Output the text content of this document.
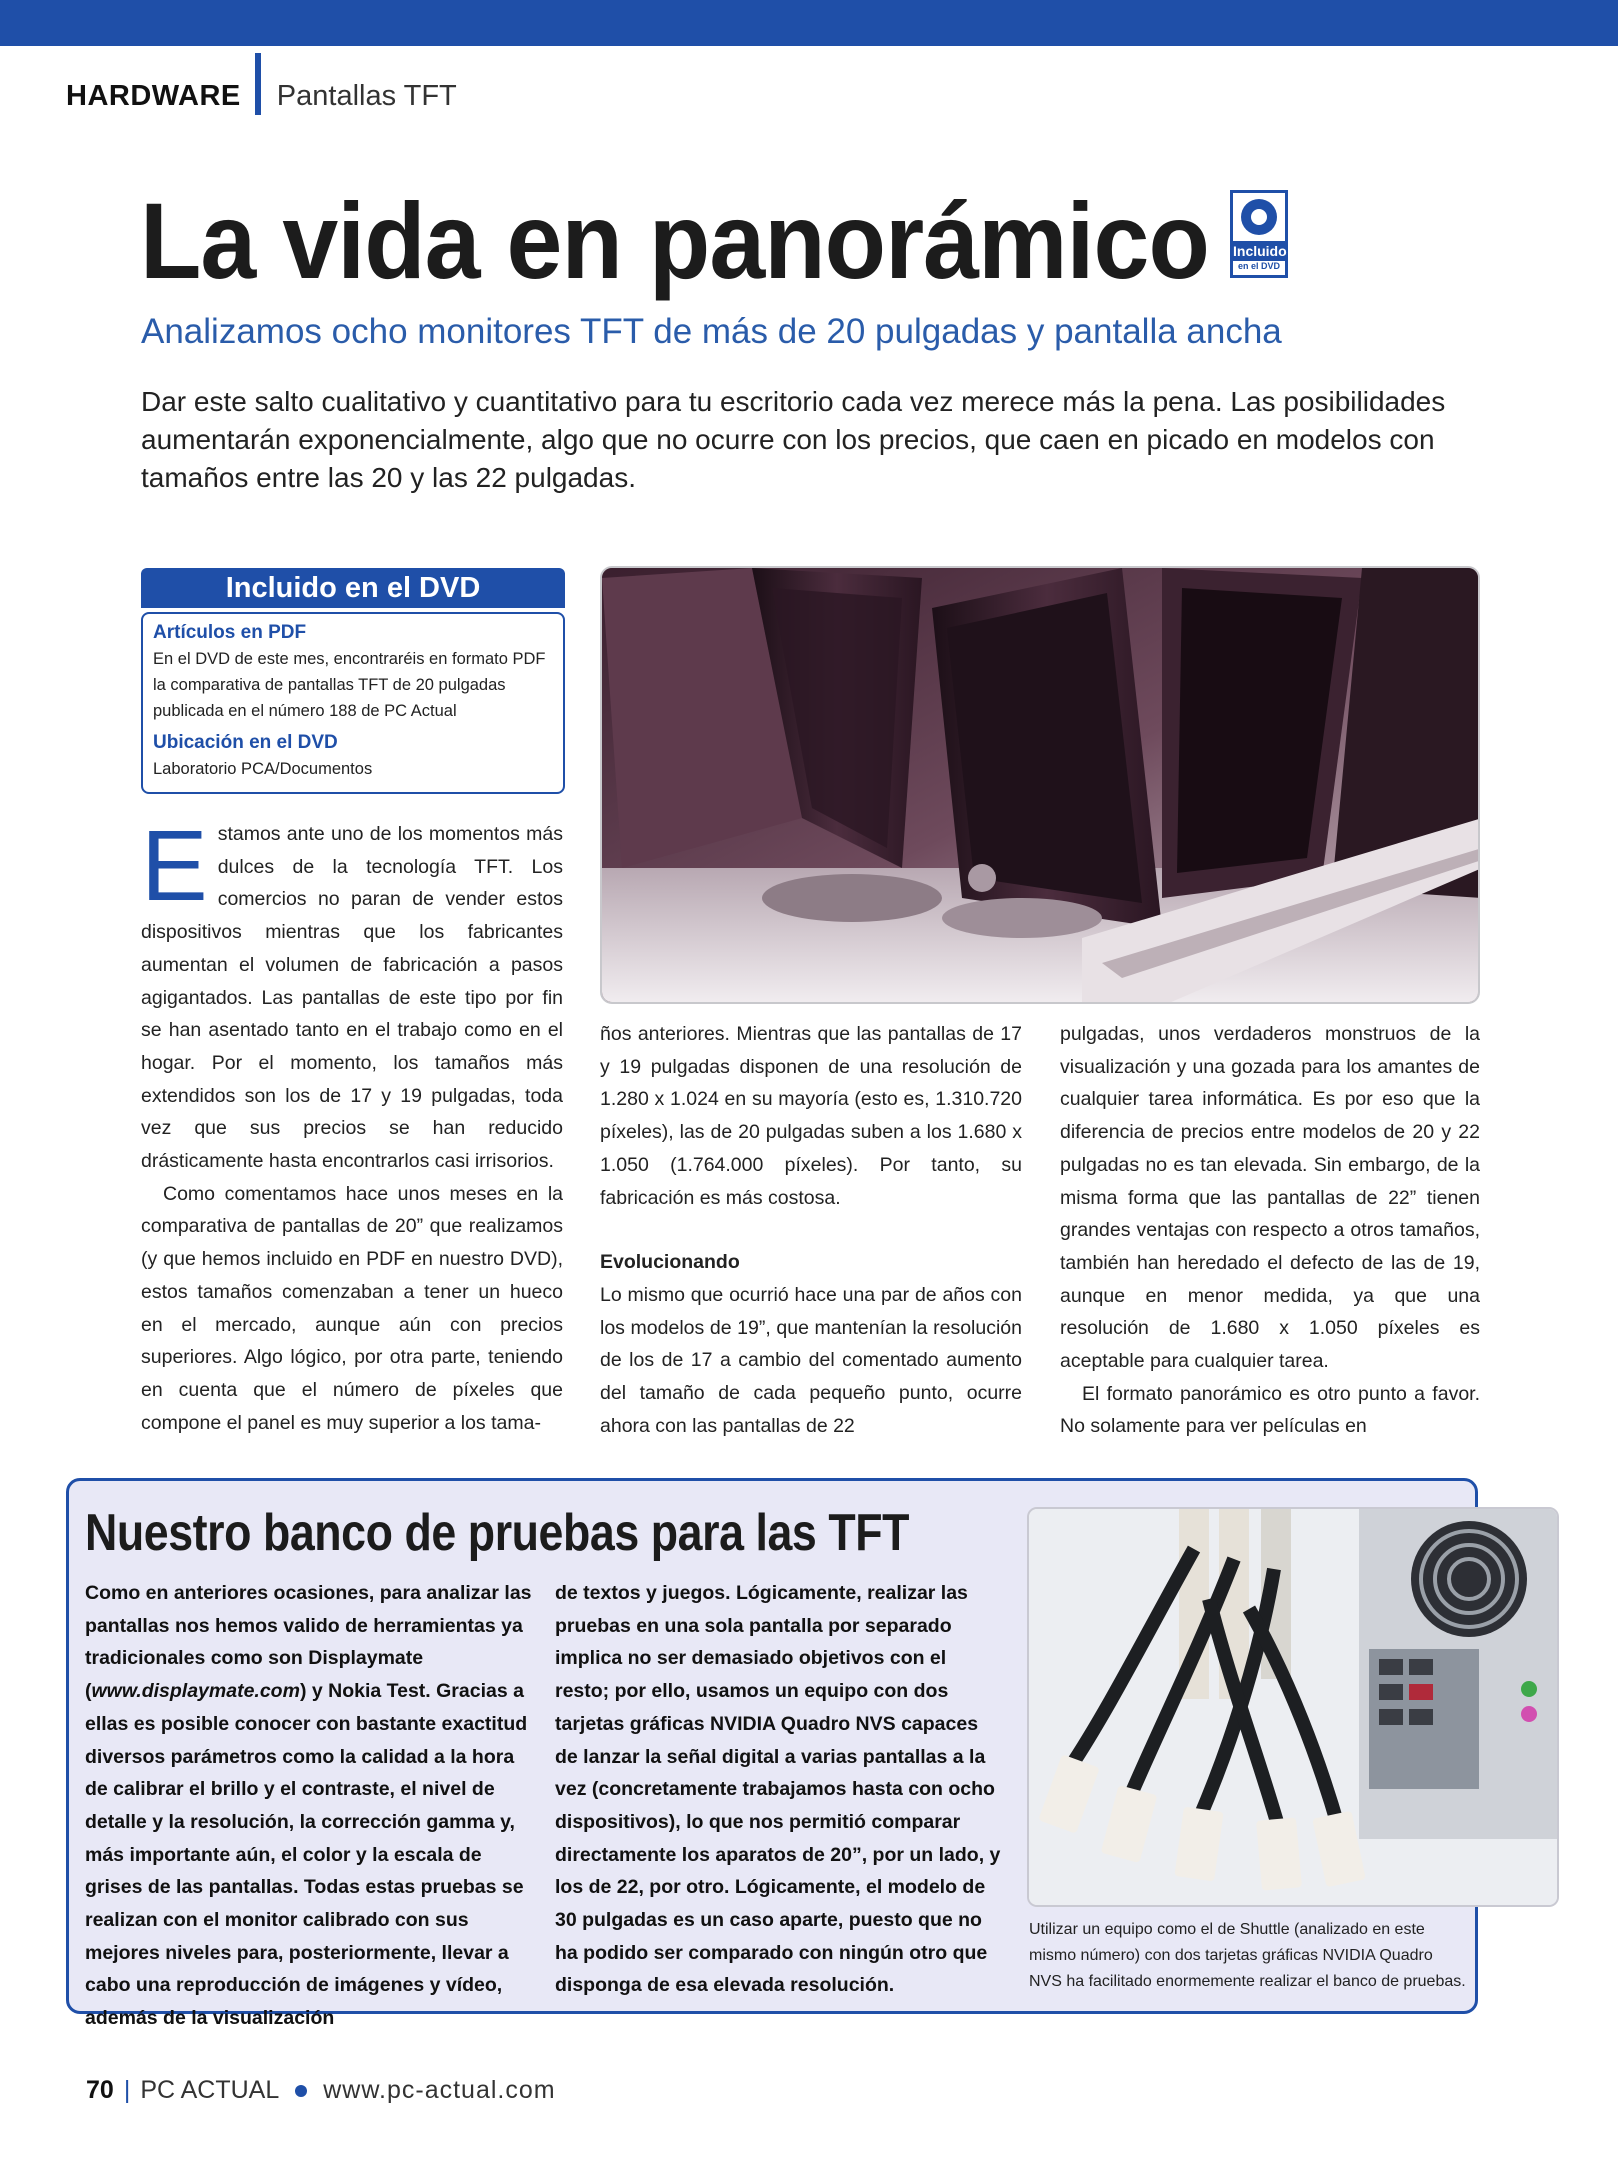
HARDWARE Pantallas TFT
La vida en panorámico Incluido
en el DVD
Analizamos ocho monitores TFT de más de 20 pulgadas y pantalla ancha
Dar este salto cualitativo y cuantitativo para tu escritorio cada vez merece más la pena. Las posibilidades aumentarán exponencialmente, algo que no ocurre con los precios, que caen en picado en modelos con tamaños entre las 20 y las 22 pulgadas.
Incluido en el DVD
Artículos en PDF
En el DVD de este mes, encontraréis en formato PDF la comparativa de pantallas TFT de 20 pulgadas publicada en el número 188 de PC Actual
Ubicación en el DVD
Laboratorio PCA/Documentos

Estamos ante uno de los momentos más dulces de la tecnología TFT. Los comercios no paran de vender estos dispositivos mientras que los fabricantes aumentan el volumen de fabricación a pasos agigantados. Las pantallas de este tipo por fin se han asentado tanto en el trabajo como en el hogar. Por el momento, los tamaños más extendidos son los de 17 y 19 pulgadas, toda vez que sus precios se han reducido drásticamente hasta encontrarlos casi irrisorios.

Como comentamos hace unos meses en la comparativa de pantallas de 20” que realizamos (y que hemos incluido en PDF en nuestro DVD), estos tamaños comenzaban a tener un hueco en el mercado, aunque aún con precios superiores. Algo lógico, por otra parte, teniendo en cuenta que el número de píxeles que compone el panel es muy superior a los tama-

ños anteriores. Mientras que las pantallas de 17 y 19 pulgadas disponen de una resolución de 1.280 x 1.024 en su mayoría (esto es, 1.310.720 píxeles), las de 20 pulgadas suben a los 1.680 x 1.050 (1.764.000 píxeles). Por tanto, su fabricación es más costosa.

Evolucionando

Lo mismo que ocurrió hace una par de años con los modelos de 19”, que mantenían la resolución de los de 17 a cambio del comentado aumento del tamaño de cada pequeño punto, ocurre ahora con las pantallas de 22

pulgadas, unos verdaderos monstruos de la visualización y una gozada para los amantes de cualquier tarea informática. Es por eso que la diferencia de precios entre modelos de 20 y 22 pulgadas no es tan elevada. Sin embargo, de la misma forma que las pantallas de 22” tienen grandes ventajas con respecto a otros tamaños, también han heredado el defecto de las de 19, aunque en menor medida, ya que una resolución de 1.680 x 1.050 píxeles es aceptable para cualquier tarea.

El formato panorámico es otro punto a favor. No solamente para ver películas en

Nuestro banco de pruebas para las TFT
Como en anteriores ocasiones, para analizar las pantallas nos hemos valido de herramientas ya tradicionales como son Displaymate (www.displaymate.com) y Nokia Test. Gracias a ellas es posible conocer con bastante exactitud diversos parámetros como la calidad a la hora de calibrar el brillo y el contraste, el nivel de detalle y la resolución, la corrección gamma y, más importante aún, el color y la escala de grises de las pantallas. Todas estas pruebas se realizan con el monitor calibrado con sus mejores niveles para, posteriormente, llevar a cabo una reproducción de imágenes y vídeo, además de la visualización
de textos y juegos. Lógicamente, realizar las pruebas en una sola pantalla por separado implica no ser demasiado objetivos con el resto; por ello, usamos un equipo con dos tarjetas gráficas NVIDIA Quadro NVS capaces de lanzar la señal digital a varias pantallas a la vez (concretamente trabajamos hasta con ocho dispositivos), lo que nos permitió comparar directamente los aparatos de 20”, por un lado, y los de 22, por otro. Lógicamente, el modelo de 30 pulgadas es un caso aparte, puesto que no ha podido ser comparado con ningún otro que disponga de esa elevada resolución.
Utilizar un equipo como el de Shuttle (analizado en este mismo número) con dos tarjetas gráficas NVIDIA Quadro NVS ha facilitado enormemente realizar el banco de pruebas.
70 | PC ACTUAL www.pc-actual.com
